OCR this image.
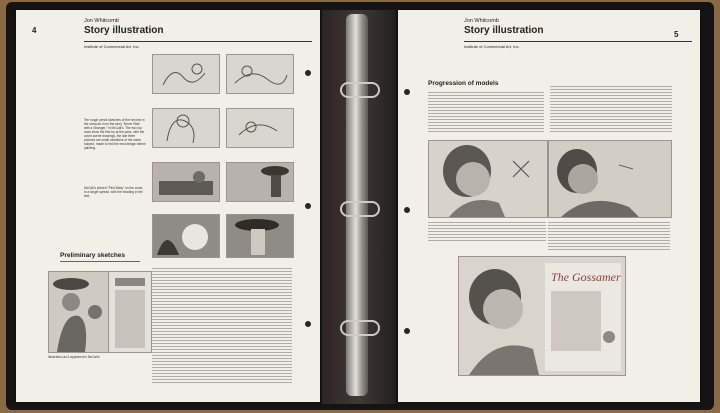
4
Jon Whitcomb
Story illustration
Institute of Commercial Art, Inc.
Ten rough pencil sketches of the heroine in the raincoat, from the story "Never Ride with a Stranger," in McCall's. The two top rows show the first try at the pose, with the cover-scene drawings, the last three pictures are small variations of the same subject, made to find the best design before painting.
McCall's printed "Pink Baby" on the cover, in a single spread, with the heading in the text.
Preliminary sketches
Illustration as it appeared in McCall's
Jon Whitcomb
Story illustration
Institute of Commercial Art, Inc.
5
Progression of models
The Gossamer
